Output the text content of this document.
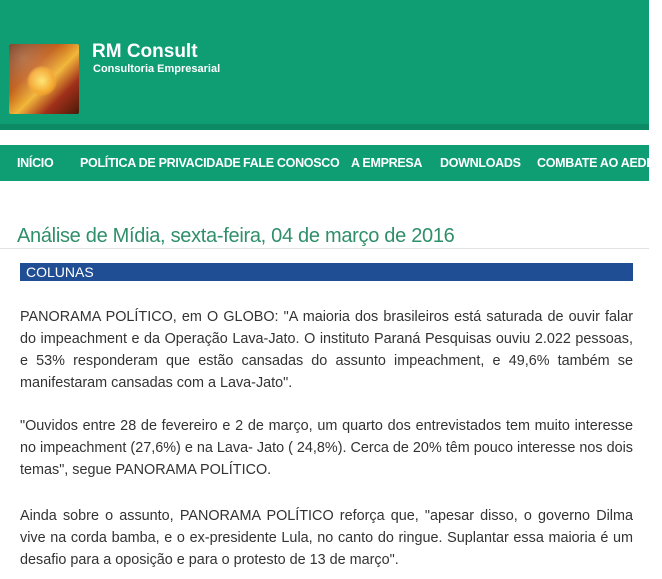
RM Consult
Consultoria Empresarial
INÍCIO POLÍTICA DE PRIVACIDADE FALE CONOSCO A EMPRESA DOWNLOADS COMBATE AO AEDES
Análise de Mídia, sexta-feira, 04 de março de 2016
COLUNAS

PANORAMA POLÍTICO, em O GLOBO: "A maioria dos brasileiros está saturada de ouvir falar do impeachment e da Operação Lava-Jato. O instituto Paraná Pesquisas ouviu 2.022 pessoas, e 53% responderam que estão cansadas do assunto impeachment, e 49,6% também se manifestaram cansadas com a Lava-Jato".

"Ouvidos entre 28 de fevereiro e 2 de março, um quarto dos entrevistados tem muito interesse no impeachment (27,6%) e na Lava- Jato ( 24,8%). Cerca de 20% têm pouco interesse nos dois temas", segue PANORAMA POLÍTICO.

Ainda sobre o assunto, PANORAMA POLÍTICO reforça que, "apesar disso, o governo Dilma vive na corda bamba, e o ex-presidente Lula, no canto do ringue. Suplantar essa maioria é um desafio para a oposição e para o protesto de 13 de março".
